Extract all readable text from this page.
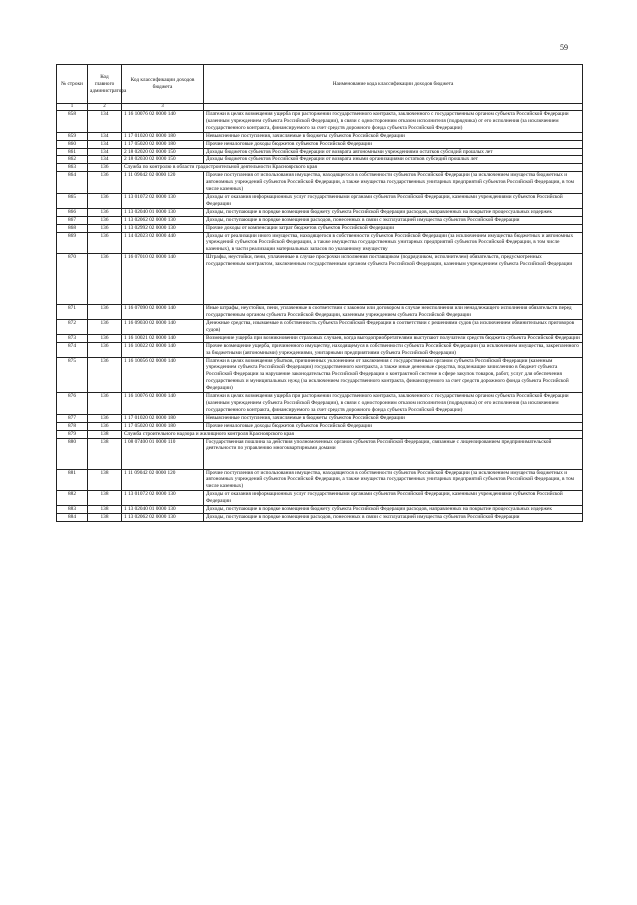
59
№ строки	Код главного администратора	Код классификации доходов бюджета	Наименование кода классификации доходов бюджета
1	2	3	
858	134	1 16 10076 02 0000 140	Платежи в целях возмещения ущерба при расторжении государственного контракта, заключенного с государственным органом субъекта Российской Федерации (казенным учреждением субъекта Российской Федерации), в связи с односторонним отказом исполнителя (подрядчика) от его исполнения (за исключением государственного контракта, финансируемого за счет средств дорожного фонда субъекта Российской Федерации)
859	134	1 17 01020 02 0000 180	Невыясненные поступления, зачисляемые в бюджеты субъектов Российской Федерации
860	134	1 17 05020 02 0000 180	Прочие неналоговые доходы бюджетов субъектов Российской Федерации
861	134	2 18 02020 02 0000 150	Доходы бюджетов субъектов Российской Федерации от возврата автономными учреждениями остатков субсидий прошлых лет
862	134	2 18 02030 02 0000 150	Доходы бюджетов субъектов Российской Федерации от возврата иными организациями остатков субсидий прошлых лет
863	136	Служба по контролю в области градостроительной деятельности Красноярского края	
864	136	1 11 09042 02 0000 120	Прочие поступления от использования имущества, находящегося в собственности субъектов Российской Федерации (за исключением имущества бюджетных и автономных учреждений субъектов Российской Федерации, а также имущества государственных унитарных предприятий субъектов Российской Федерации, в том числе казенных)
865	136	1 13 01072 02 0000 130	Доходы от оказания информационных услуг государственными органами субъектов Российской Федерации, казенными учреждениями субъектов Российской Федерации
866	136	1 13 02040 01 0000 130	Доходы, поступающие в порядке возмещения бюджету субъекта Российской Федерации расходов, направленных на покрытие процессуальных издержек
867	136	1 13 02062 02 0000 130	Доходы, поступающие в порядке возмещения расходов, понесенных в связи с эксплуатацией имущества субъектов Российской Федерации
868	136	1 13 02992 02 0000 130	Прочие доходы от компенсации затрат бюджетов субъектов Российской Федерации
869	136	1 14 02023 02 0000 440	Доходы от реализации иного имущества, находящегося в собственности субъектов Российской Федерации (за исключением имущества бюджетных и автономных учреждений субъектов Российской Федерации, а также имущества государственных унитарных предприятий субъектов Российской Федерации, в том числе казенных), в части реализации материальных запасов по указанному имуществу
870	136	1 16 07010 02 0000 140	Штрафы, неустойки, пени, уплаченные в случае просрочки исполнения поставщиком (подрядчиком, исполнителем) обязательств, предусмотренных государственным контрактом, заключенным государственным органом субъекта Российской Федерации, казенным учреждением субъекта Российской Федерации
871	136	1 16 07090 02 0000 140	Иные штрафы, неустойки, пени, уплаченные в соответствии с законом или договором в случае неисполнения или ненадлежащего исполнения обязательств перед государственным органом субъекта Российской Федерации, казенным учреждением субъекта Российской Федерации
872	136	1 16 09030 02 0000 140	Денежные средства, изымаемые в собственность субъекта Российской Федерации в соответствии с решениями судов (за исключением обвинительных приговоров судов)
873	136	1 16 10021 02 0000 140	Возмещение ущерба при возникновении страховых случаев, когда выгодоприобретателями выступают получатели средств бюджета субъекта Российской Федерации
874	136	1 16 10022 02 0000 140	Прочее возмещение ущерба, причиненного имуществу, находящемуся в собственности субъекта Российской Федерации (за исключением имущества, закрепленного за бюджетными (автономными) учреждениями, унитарными предприятиями субъекта Российской Федерации)
875	136	1 16 10056 02 0000 140	Платежи в целях возмещения убытков, причиненных уклонением от заключения с государственным органом субъекта Российской Федерации (казенным учреждением субъекта Российской Федерации) государственного контракта, а также иные денежные средства, подлежащие зачислению в бюджет субъекта Российской Федерации за нарушение законодательства Российской Федерации о контрактной системе в сфере закупок товаров, работ, услуг для обеспечения государственных и муниципальных нужд (за исключением государственного контракта, финансируемого за счет средств дорожного фонда субъекта Российской Федерации)
876	136	1 16 10076 02 0000 140	Платежи в целях возмещения ущерба при расторжении государственного контракта, заключенного с государственным органом субъекта Российской Федерации (казенным учреждением субъекта Российской Федерации), в связи с односторонним отказом исполнителя (подрядчика) от его исполнения (за исключением государственного контракта, финансируемого за счет средств дорожного фонда субъекта Российской Федерации)
877	136	1 17 01020 02 0000 180	Невыясненные поступления, зачисляемые в бюджеты субъектов Российской Федерации
878	136	1 17 05020 02 0000 180	Прочие неналоговые доходы бюджетов субъектов Российской Федерации
879	138	Служба строительного надзора и жилищного контроля Красноярского края	
880	138	1 08 07400 01 0000 110	Государственная пошлина за действия уполномоченных органов субъектов Российской Федерации, связанные с лицензированием предпринимательской деятельности по управлению многоквартирными домами
881	138	1 11 09042 02 0000 120	Прочие поступления от использования имущества, находящегося в собственности субъектов Российской Федерации (за исключением имущества бюджетных и автономных учреждений субъектов Российской Федерации, а также имущества государственных унитарных предприятий субъектов Российской Федерации, в том числе казенных)
882	138	1 13 01072 02 0000 130	Доходы от оказания информационных услуг государственными органами субъектов Российской Федерации, казенными учреждениями субъектов Российской Федерации
883	138	1 13 02040 01 0000 130	Доходы, поступающие в порядке возмещения бюджету субъекта Российской Федерации расходов, направленных на покрытие процессуальных издержек
884	138	1 13 02062 02 0000 130	Доходы, поступающие в порядке возмещения расходов, понесенных в связи с эксплуатацией имущества субъектов Российской Федерации
